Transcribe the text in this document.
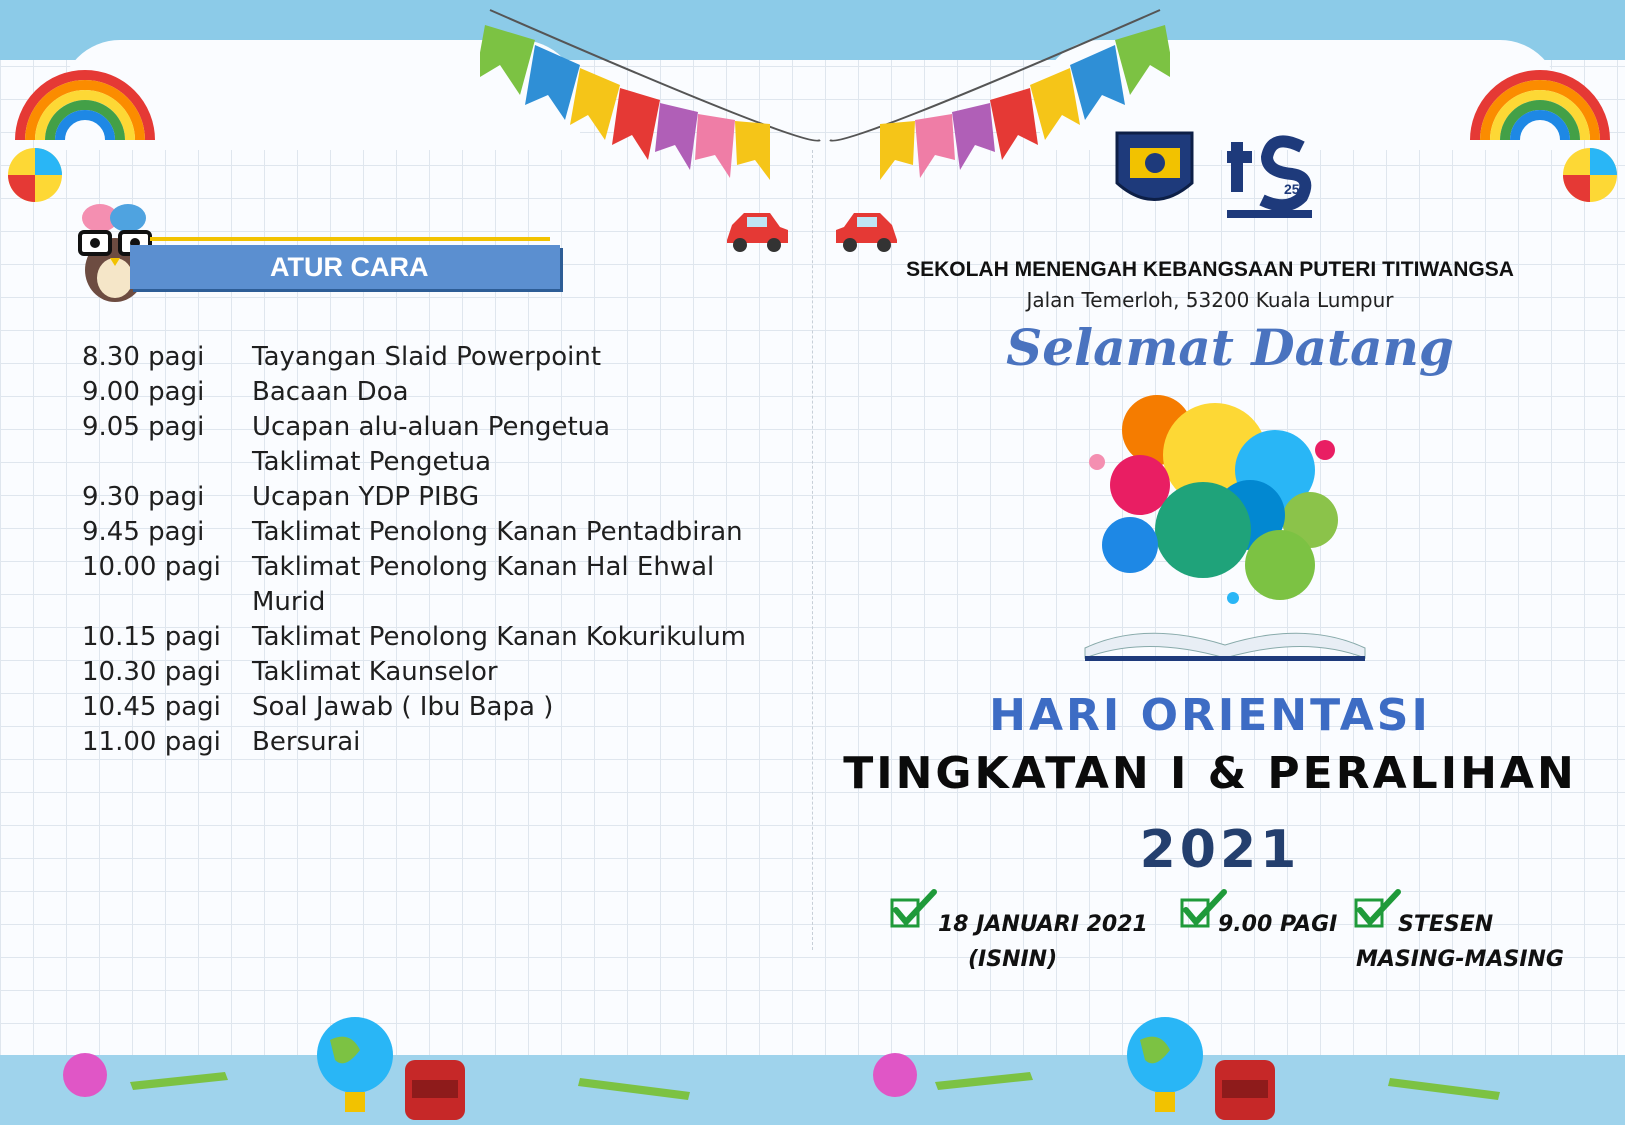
ATUR CARA
8.30 pagi	Tayangan Slaid Powerpoint
9.00 pagi	Bacaan Doa
9.05 pagi	Ucapan alu-aluan Pengetua
Taklimat Pengetua
9.30 pagi	Ucapan YDP PIBG
9.45 pagi	Taklimat Penolong Kanan Pentadbiran
10.00 pagi	Taklimat Penolong Kanan Hal Ehwal
Murid
10.15 pagi	Taklimat Penolong Kanan Kokurikulum
10.30 pagi	Taklimat Kaunselor
10.45 pagi	Soal Jawab ( Ibu Bapa )
11.00 pagi	Bersurai
25
SEKOLAH MENENGAH KEBANGSAAN PUTERI TITIWANGSA
Jalan Temerloh, 53200 Kuala Lumpur
Selamat Datang
HARI ORIENTASI
TINGKATAN I & PERALIHAN
2021
18 JANUARI 2021
(ISNIN)
9.00 PAGI	STESEN
MASING-MASING
